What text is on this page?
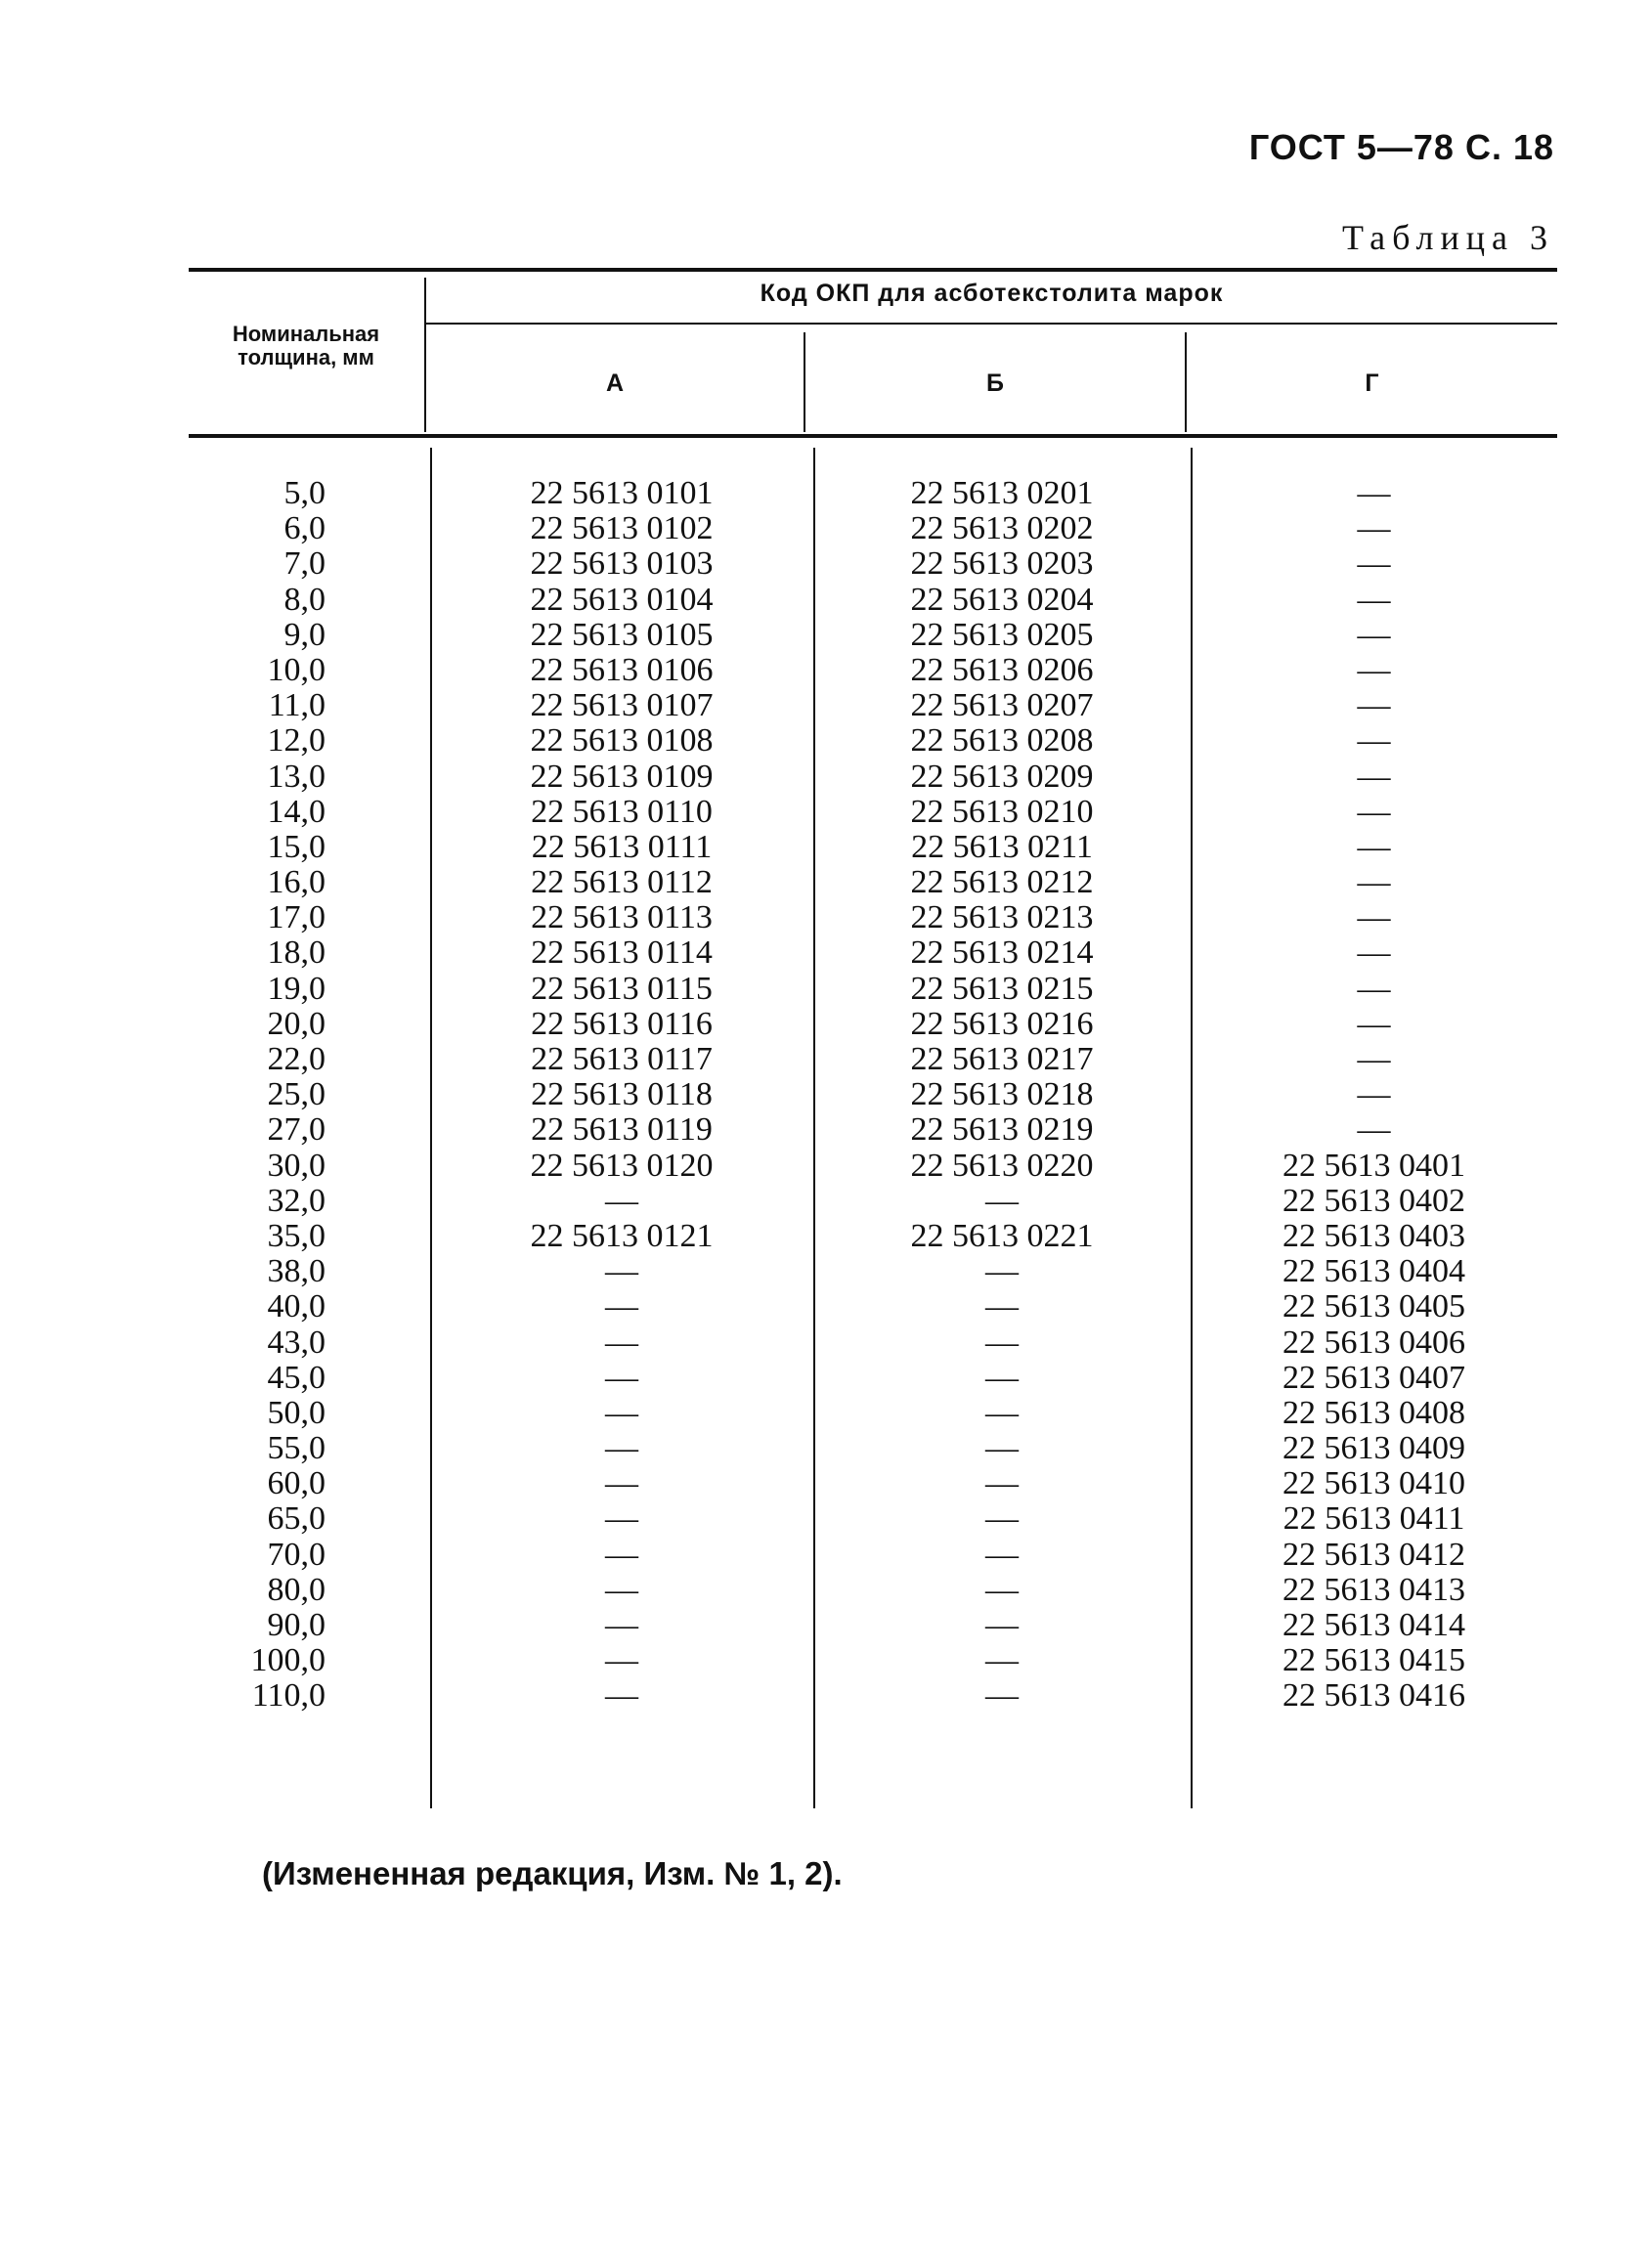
ГОСТ 5—78 С. 18
Таблица 3
Номинальная толщина, мм
Код ОКП для асботекстолита марок
А	Б	Г
5,0	22 5613 0101	22 5613 0201	—
6,0	22 5613 0102	22 5613 0202	—
7,0	22 5613 0103	22 5613 0203	—
8,0	22 5613 0104	22 5613 0204	—
9,0	22 5613 0105	22 5613 0205	—
10,0	22 5613 0106	22 5613 0206	—
11,0	22 5613 0107	22 5613 0207	—
12,0	22 5613 0108	22 5613 0208	—
13,0	22 5613 0109	22 5613 0209	—
14,0	22 5613 0110	22 5613 0210	—
15,0	22 5613 0111	22 5613 0211	—
16,0	22 5613 0112	22 5613 0212	—
17,0	22 5613 0113	22 5613 0213	—
18,0	22 5613 0114	22 5613 0214	—
19,0	22 5613 0115	22 5613 0215	—
20,0	22 5613 0116	22 5613 0216	—
22,0	22 5613 0117	22 5613 0217	—
25,0	22 5613 0118	22 5613 0218	—
27,0	22 5613 0119	22 5613 0219	—
30,0	22 5613 0120	22 5613 0220	22 5613 0401
32,0	—	—	22 5613 0402
35,0	22 5613 0121	22 5613 0221	22 5613 0403
38,0	—	—	22 5613 0404
40,0	—	—	22 5613 0405
43,0	—	—	22 5613 0406
45,0	—	—	22 5613 0407
50,0	—	—	22 5613 0408
55,0	—	—	22 5613 0409
60,0	—	—	22 5613 0410
65,0	—	—	22 5613 0411
70,0	—	—	22 5613 0412
80,0	—	—	22 5613 0413
90,0	—	—	22 5613 0414
100,0	—	—	22 5613 0415
110,0	—	—	22 5613 0416
(Измененная редакция, Изм. № 1, 2).
